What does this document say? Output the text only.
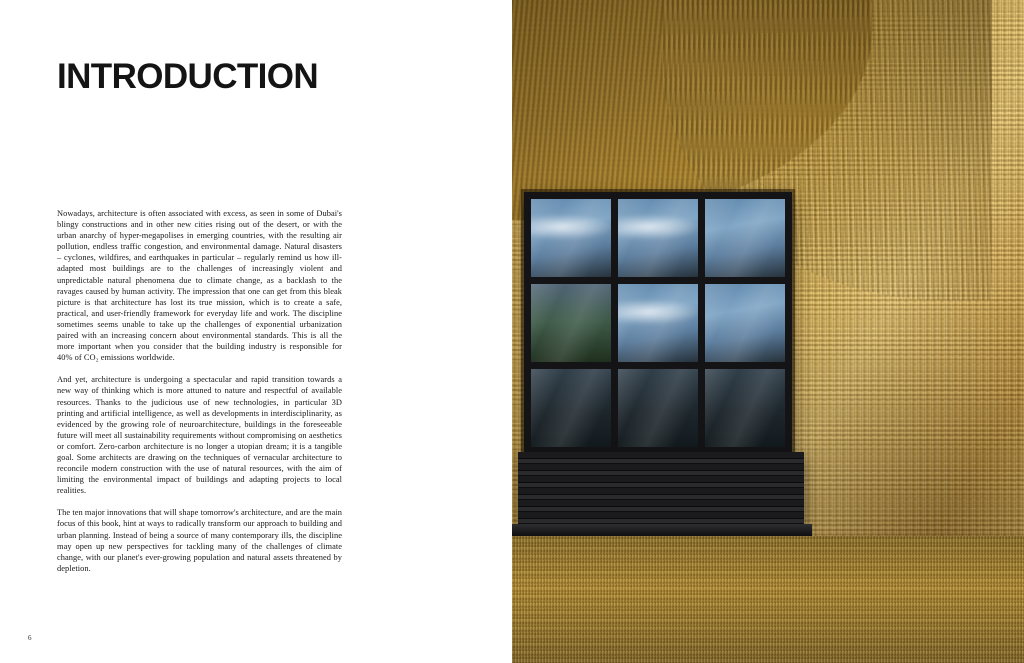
INTRODUCTION

Nowadays, architecture is often associated with excess, as seen in some of Dubai's blingy constructions and in other new cities rising out of the desert, or with the urban anarchy of hyper-megapolises in emerging countries, with the resulting air pollution, endless traffic congestion, and environmental damage. Natural disasters – cyclones, wildfires, and earthquakes in particular – regularly remind us how ill-adapted most buildings are to the challenges of increasingly violent and unpredictable natural phenomena due to climate change, as a backlash to the ravages caused by human activity. The impression that one can get from this bleak picture is that architecture has lost its true mission, which is to create a safe, practical, and user-friendly framework for everyday life and work. The discipline sometimes seems unable to take up the challenges of exponential urbanization paired with an increasing concern about environmental standards. This is all the more important when you consider that the building industry is responsible for 40% of CO₂ emissions worldwide.

And yet, architecture is undergoing a spectacular and rapid transition towards a new way of thinking which is more attuned to nature and respectful of available resources. Thanks to the judicious use of new technologies, in particular 3D printing and artificial intelligence, as well as developments in interdisciplinarity, as evidenced by the growing role of neuroarchitecture, buildings in the foreseeable future will meet all sustainability requirements without compromising on aesthetics or comfort. Zero-carbon architecture is no longer a utopian dream; it is a tangible goal. Some architects are drawing on the techniques of vernacular architecture to reconcile modern construction with the use of natural resources, with the aim of limiting the environmental impact of buildings and adapting projects to local realities.

The ten major innovations that will shape tomorrow's architecture, and are the main focus of this book, hint at ways to radically transform our approach to building and urban planning. Instead of being a source of many contemporary ills, the discipline may open up new perspectives for tackling many of the challenges of climate change, with our planet's ever-growing population and natural assets threatened by depletion.

6
